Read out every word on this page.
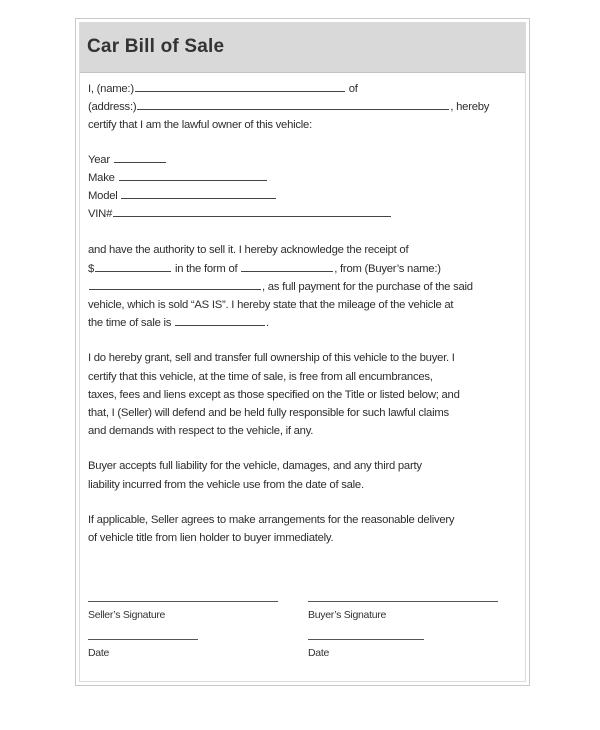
Car Bill of Sale

I, (name:)	of

(address:)	, hereby

certify that I am the lawful owner of this vehicle:

Year

Make

Model

VIN#

and have the authority to sell it. I hereby acknowledge the receipt of

$	in the form of	, from (Buyer’s name:)

, as full payment for the purchase of the said

vehicle, which is sold “AS IS”. I hereby state that the mileage of the vehicle at

the time of sale is	.

I do hereby grant, sell and transfer full ownership of this vehicle to the buyer. I

certify that this vehicle, at the time of sale, is free from all encumbrances,

taxes, fees and liens except as those specified on the Title or listed below; and

that, I (Seller) will defend and be held fully responsible for such lawful claims

and demands with respect to the vehicle, if any.

Buyer accepts full liability for the vehicle, damages, and any third party

liability incurred from the vehicle use from the date of sale.

If applicable, Seller agrees to make arrangements for the reasonable delivery

of vehicle title from lien holder to buyer immediately.

Seller’s Signature	Buyer’s Signature
Date	Date
